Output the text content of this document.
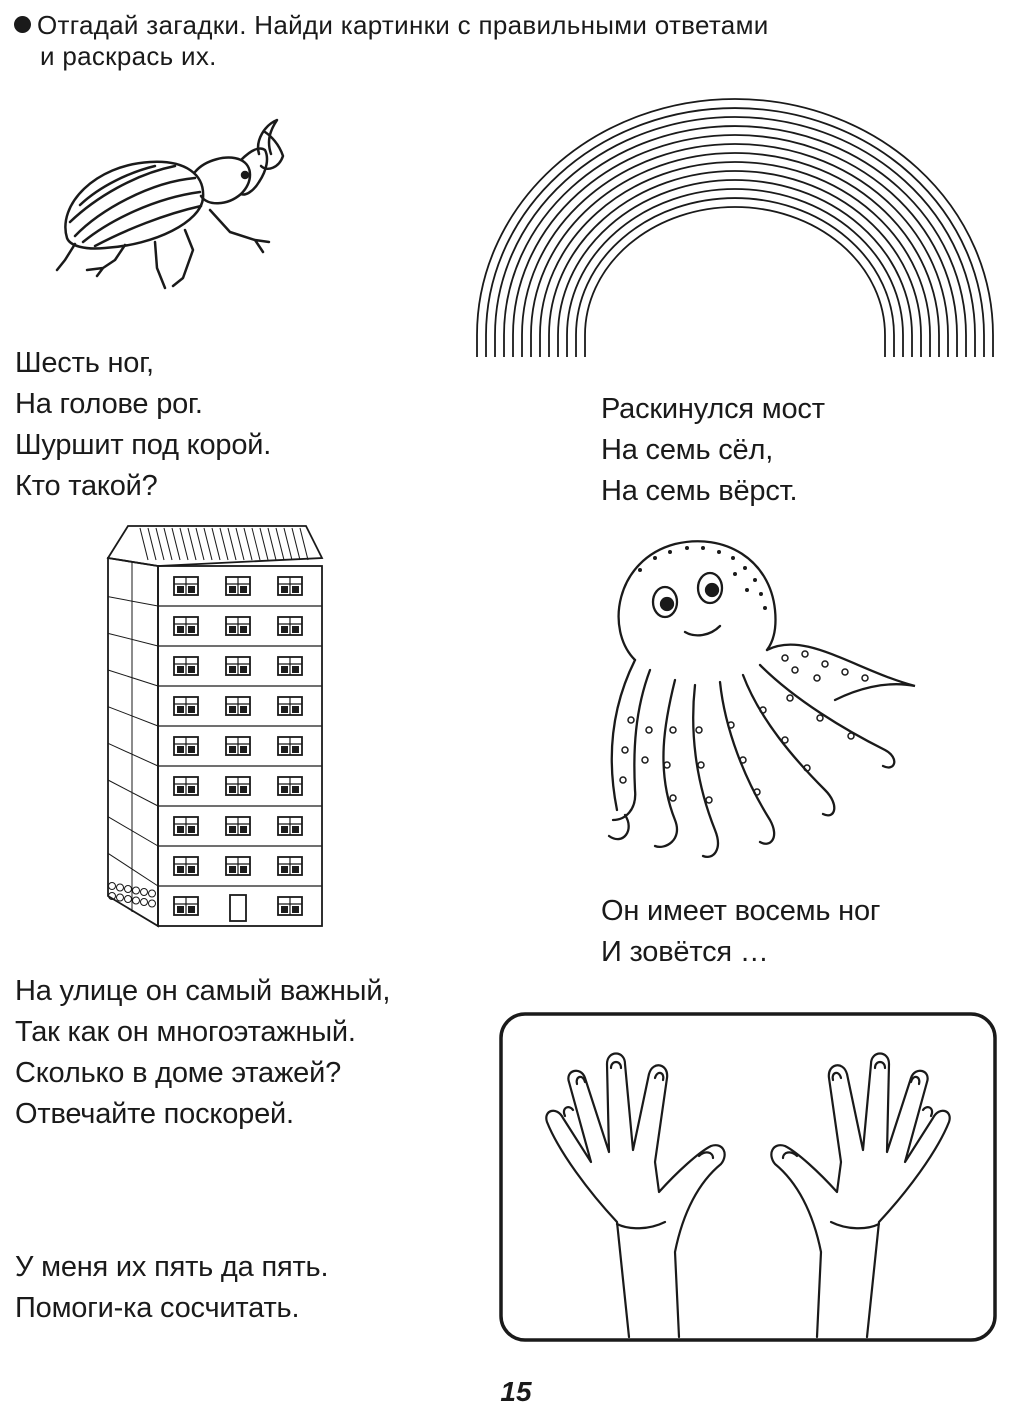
Отгадай загадки. Найди картинки с правильными ответами
и раскрась их.
Шесть ног,
На голове рог.
Шуршит под корой.
Кто такой?
Раскинулся мост
На семь сёл,
На семь вёрст.
Он имеет восемь ног
И зовётся …
На улице он самый важный,
Так как он многоэтажный.
Сколько в доме этажей?
Отвечайте поскорей.
У меня их пять да пять.
Помоги-ка сосчитать.
15
